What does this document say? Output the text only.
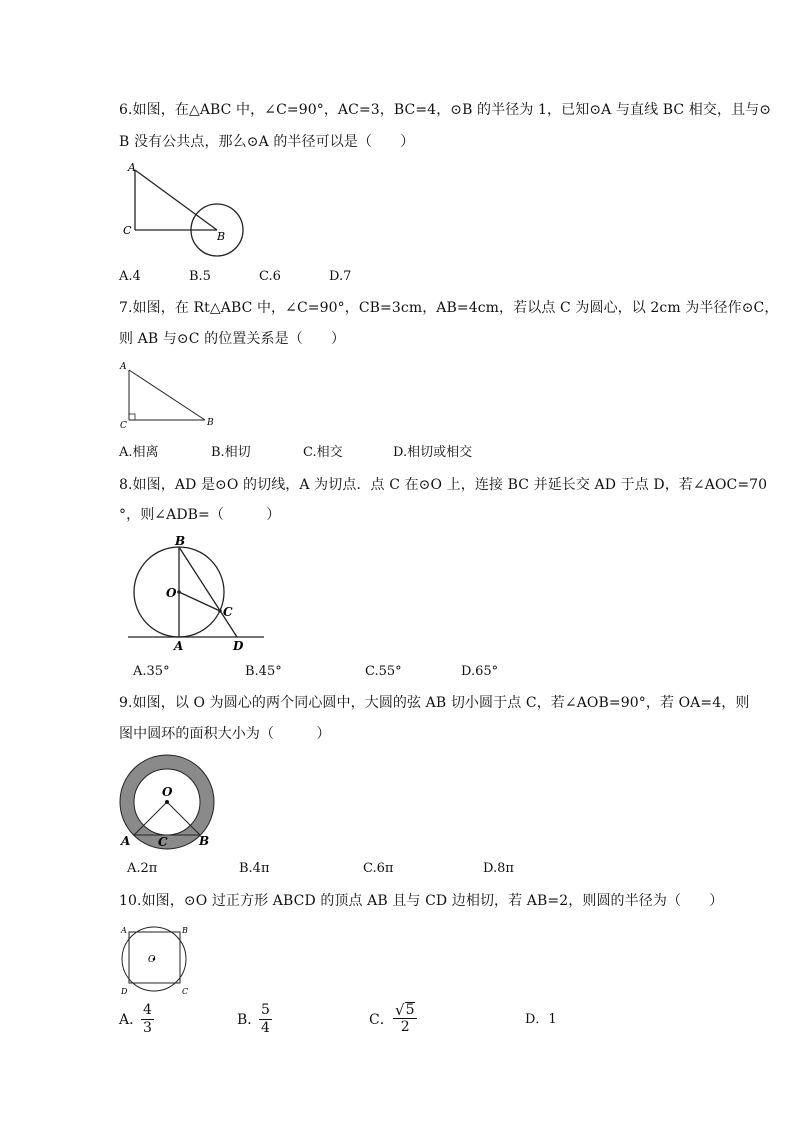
6.如图，在△ABC 中，∠C=90°，AC=3，BC=4，⊙B 的半径为 1，已知⊙A 与直线 BC 相交，且与⊙
B 没有公共点，那么⊙A 的半径可以是（　　）
A
C	B
A.4	B.5	C.6	D.7
7.如图，在 Rt△ABC 中，∠C=90°，CB=3cm，AB=4cm，若以点 C 为圆心，以 2cm 为半径作⊙C，
则 AB 与⊙C 的位置关系是（　　）
A
C	B
A.相离	B.相切	C.相交	D.相切或相交
8.如图，AD 是⊙O 的切线，A 为切点．点 C 在⊙O 上，连接 BC 并延长交 AD 于点 D，若∠AOC=70
°，则∠ADB=（　　　）
B
O
C
A	D
A.35°	B.45°	C.55°	D.65°
9.如图，以 O 为圆心的两个同心圆中，大圆的弦 AB 切小圆于点 C，若∠AOB=90°，若 OA=4，则
图中圆环的面积大小为（　　　）
O
A C	B
A.2π	B.4π	C.6π	D.8π
10.如图，⊙O 过正方形 ABCD 的顶点 AB 且与 CD 边相切，若 AB=2，则圆的半径为（　　）
A	B
D	C
O
A．
4
3	B．
5
4	C．
√ 5
2	D．1
